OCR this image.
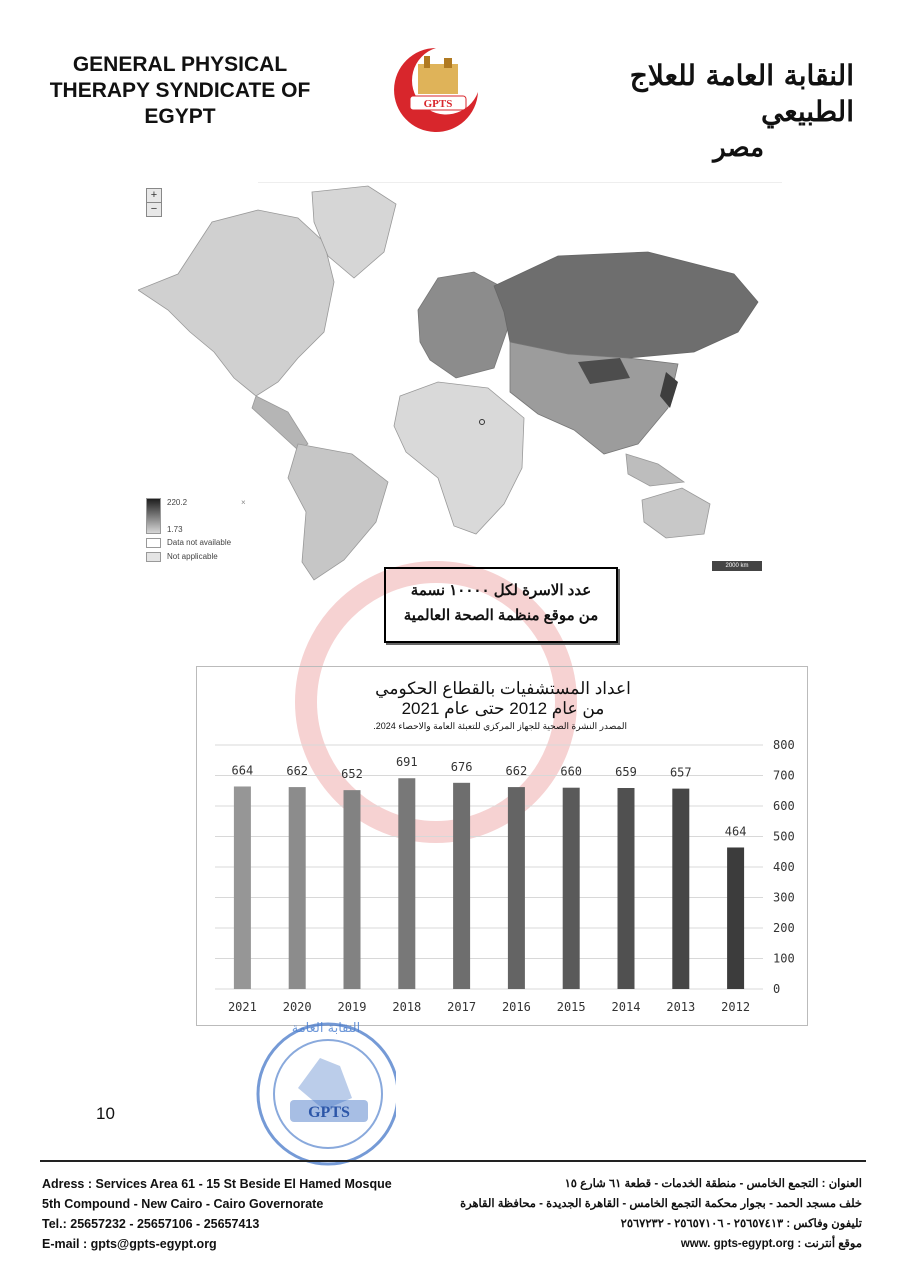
GENERAL PHYSICAL
THERAPY SYNDICATE OF
EGYPT
GPTS
النقابة العامة للعلاج الطبيعي
مصر
+
−
220.2
1.73
×
Data not available
Not applicable
2000 km
عدد الاسرة لكل ١٠٠٠٠ نسمة
من موقع منظمة الصحة العالمية
اعداد المستشفيات بالقطاع الحكومي
من عام 2012 حتى عام 2021
المصدر النشرة الصحية للجهاز المركزي للتعبئة العامة والاحصاء 2024.
0
100
200
300
400
500
600
700
800
664
2021
662
2020
652
2019
691
2018
676
2017
662
2016
660
2015
659
2014
657
2013
464
2012
GPTS
النقابة العامة
10
Adress : Services Area 61 - 15 St Beside El Hamed Mosque
5th Compound - New Cairo - Cairo Governorate
Tel.: 25657232 - 25657106 - 25657413
E-mail : gpts@gpts-egypt.org
العنوان : التجمع الخامس - منطقة الخدمات - قطعة ٦١ شارع ١٥
خلف مسجد الحمد - بجوار محكمة التجمع الخامس - القاهرة الجديدة - محافظة القاهرة
تليفون وفاكس : ٢٥٦٥٧٤١٣ - ٢٥٦٥٧١٠٦ - ٢٥٦٧٢٣٢
موقع أنترنت : www. gpts-egypt.org
